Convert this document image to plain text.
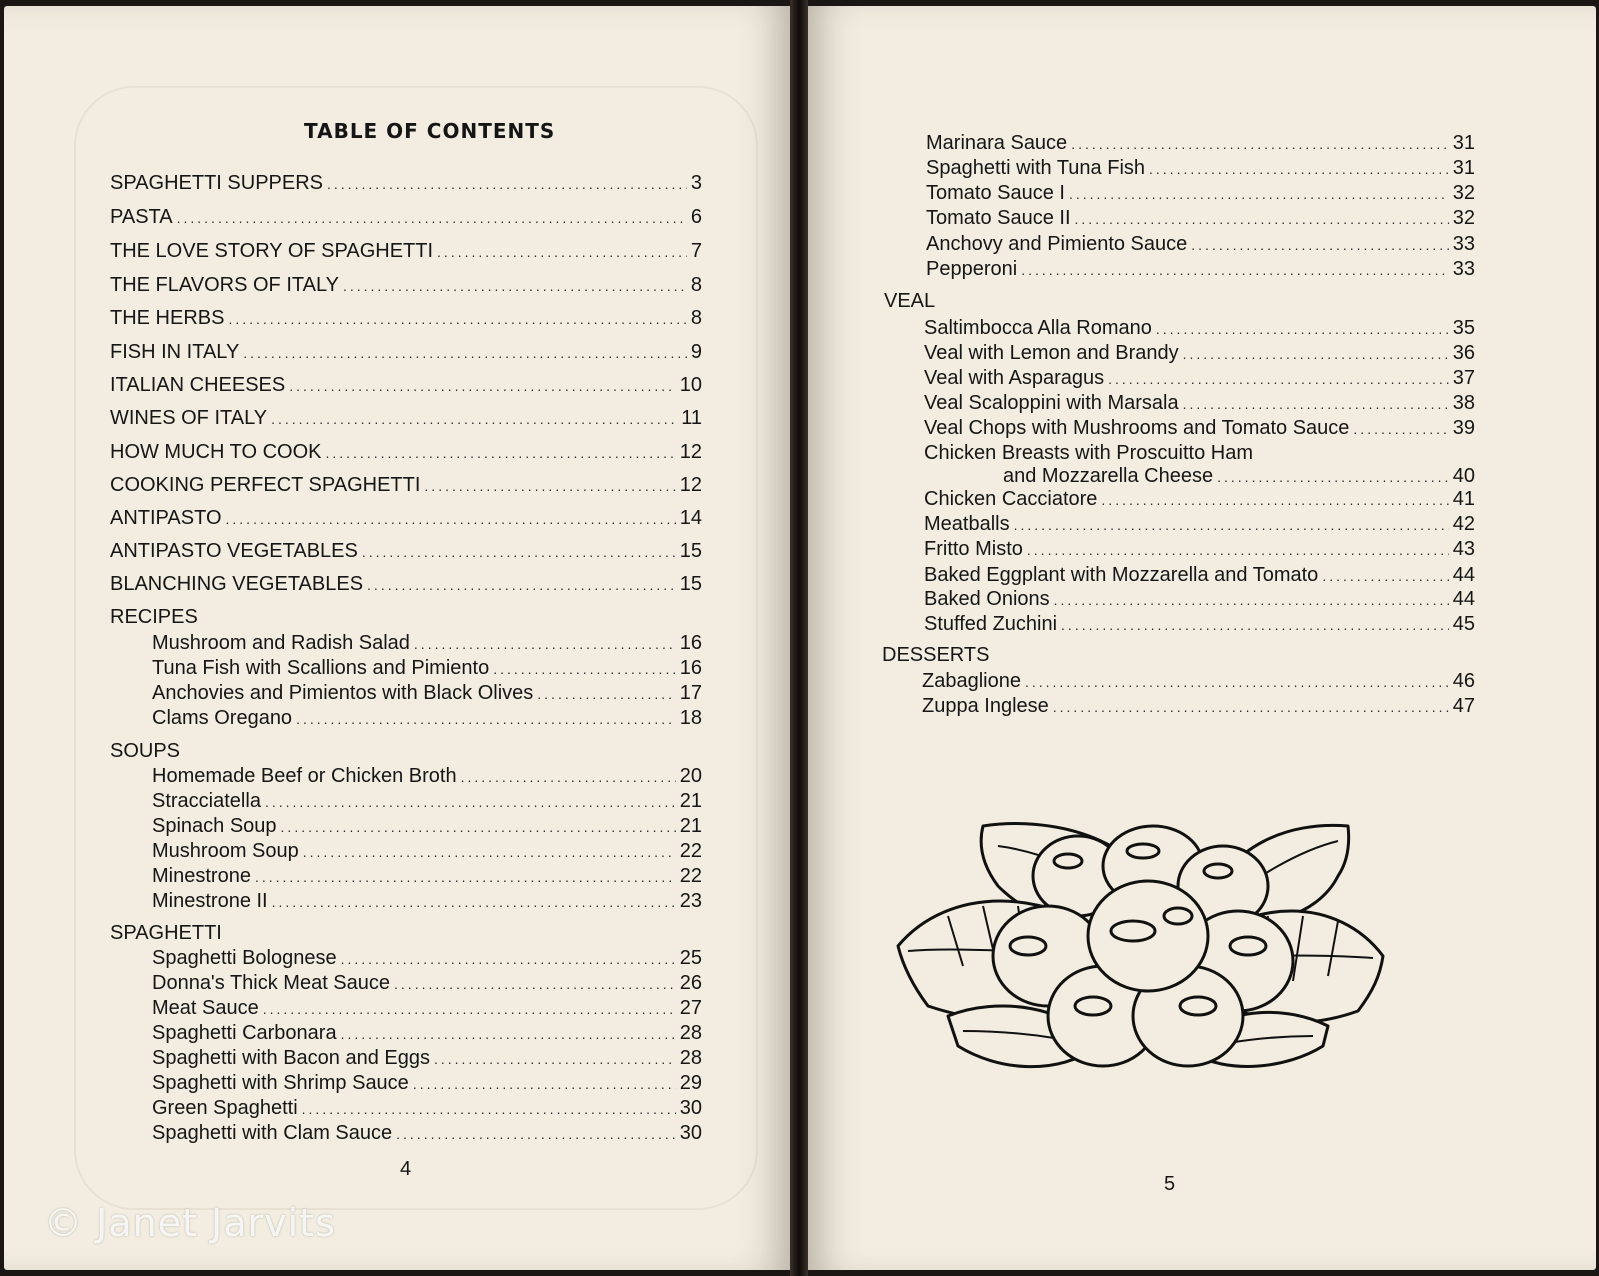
TABLE OF CONTENTS
SPAGHETTI SUPPERS .....	3
PASTA .....	6
THE LOVE STORY OF SPAGHETTI .....	7
THE FLAVORS OF ITALY .....	8
THE HERBS .....	8
FISH IN ITALY .....	9
ITALIAN CHEESES .....	10
WINES OF ITALY .....	11
HOW MUCH TO COOK .....	12
COOKING PERFECT SPAGHETTI .....	12
ANTIPASTO .....	14
ANTIPASTO VEGETABLES .....	15
BLANCHING VEGETABLES .....	15
RECIPES
Mushroom and Radish Salad .....	16
Tuna Fish with Scallions and Pimiento .....	16
Anchovies and Pimientos with Black Olives .....	17
Clams Oregano .....	18
SOUPS
Homemade Beef or Chicken Broth .....	20
Stracciatella .....	21
Spinach Soup .....	21
Mushroom Soup .....	22
Minestrone .....	22
Minestrone II .....	23
SPAGHETTI
Spaghetti Bolognese .....	25
Donna's Thick Meat Sauce .....	26
Meat Sauce .....	27
Spaghetti Carbonara .....	28
Spaghetti with Bacon and Eggs .....	28
Spaghetti with Shrimp Sauce .....	29
Green Spaghetti .....	30
Spaghetti with Clam Sauce .....	30
4
© Janet Jarvits
Marinara Sauce .....	31
Spaghetti with Tuna Fish .....	31
Tomato Sauce I .....	32
Tomato Sauce II .....	32
Anchovy and Pimiento Sauce .....	33
Pepperoni .....	33
VEAL
Saltimbocca Alla Romano .....	35
Veal with Lemon and Brandy .....	36
Veal with Asparagus .....	37
Veal Scaloppini with Marsala .....	38
Veal Chops with Mushrooms and Tomato Sauce .....	39
Chicken Breasts with Proscuitto Ham
and Mozzarella Cheese .....	40
Chicken Cacciatore .....	41
Meatballs .....	42
Fritto Misto .....	43
Baked Eggplant with Mozzarella and Tomato .....	44
Baked Onions .....	44
Stuffed Zuchini .....	45
DESSERTS
Zabaglione .....	46
Zuppa Inglese .....	47
5
